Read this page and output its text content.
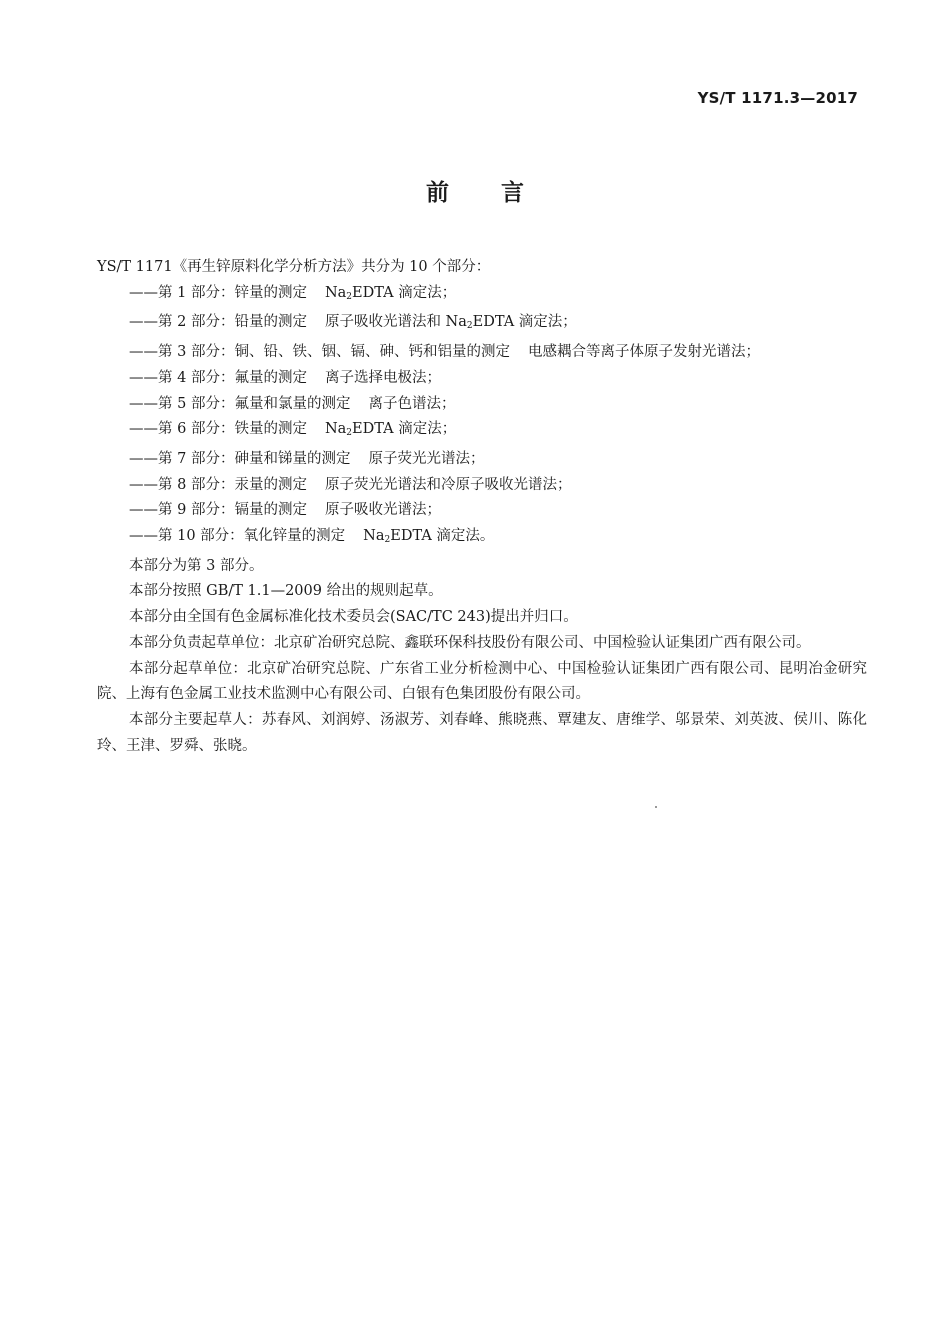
YS/T 1171.3—2017
前言
YS/T 1171《再生锌原料化学分析方法》共分为 10 个部分：
——第 1 部分：锌量的测定 $Na_2EDTA$ 滴定法；
——第 2 部分：铅量的测定 原子吸收光谱法和 $Na_2EDTA$ 滴定法；
——第 3 部分：铜、铅、铁、铟、镉、砷、钙和铝量的测定 电感耦合等离子体原子发射光谱法；
——第 4 部分：氟量的测定 离子选择电极法；
——第 5 部分：氟量和氯量的测定 离子色谱法；
——第 6 部分：铁量的测定 $Na_2EDTA$ 滴定法；
——第 7 部分：砷量和锑量的测定 原子荧光光谱法；
——第 8 部分：汞量的测定 原子荧光光谱法和冷原子吸收光谱法；
——第 9 部分：镉量的测定 原子吸收光谱法；
——第 10 部分：氧化锌量的测定 $Na_2EDTA$ 滴定法。
本部分为第 3 部分。
本部分按照 GB/T 1.1—2009 给出的规则起草。
本部分由全国有色金属标准化技术委员会(SAC/TC 243)提出并归口。
本部分负责起草单位：北京矿冶研究总院、鑫联环保科技股份有限公司、中国检验认证集团广西有限公司。
本部分起草单位：北京矿冶研究总院、广东省工业分析检测中心、中国检验认证集团广西有限公司、昆明冶金研究院、上海有色金属工业技术监测中心有限公司、白银有色集团股份有限公司。
本部分主要起草人：苏春风、刘润婷、汤淑芳、刘春峰、熊晓燕、覃建友、唐维学、邬景荣、刘英波、侯川、陈化玲、王津、罗舜、张晓。
